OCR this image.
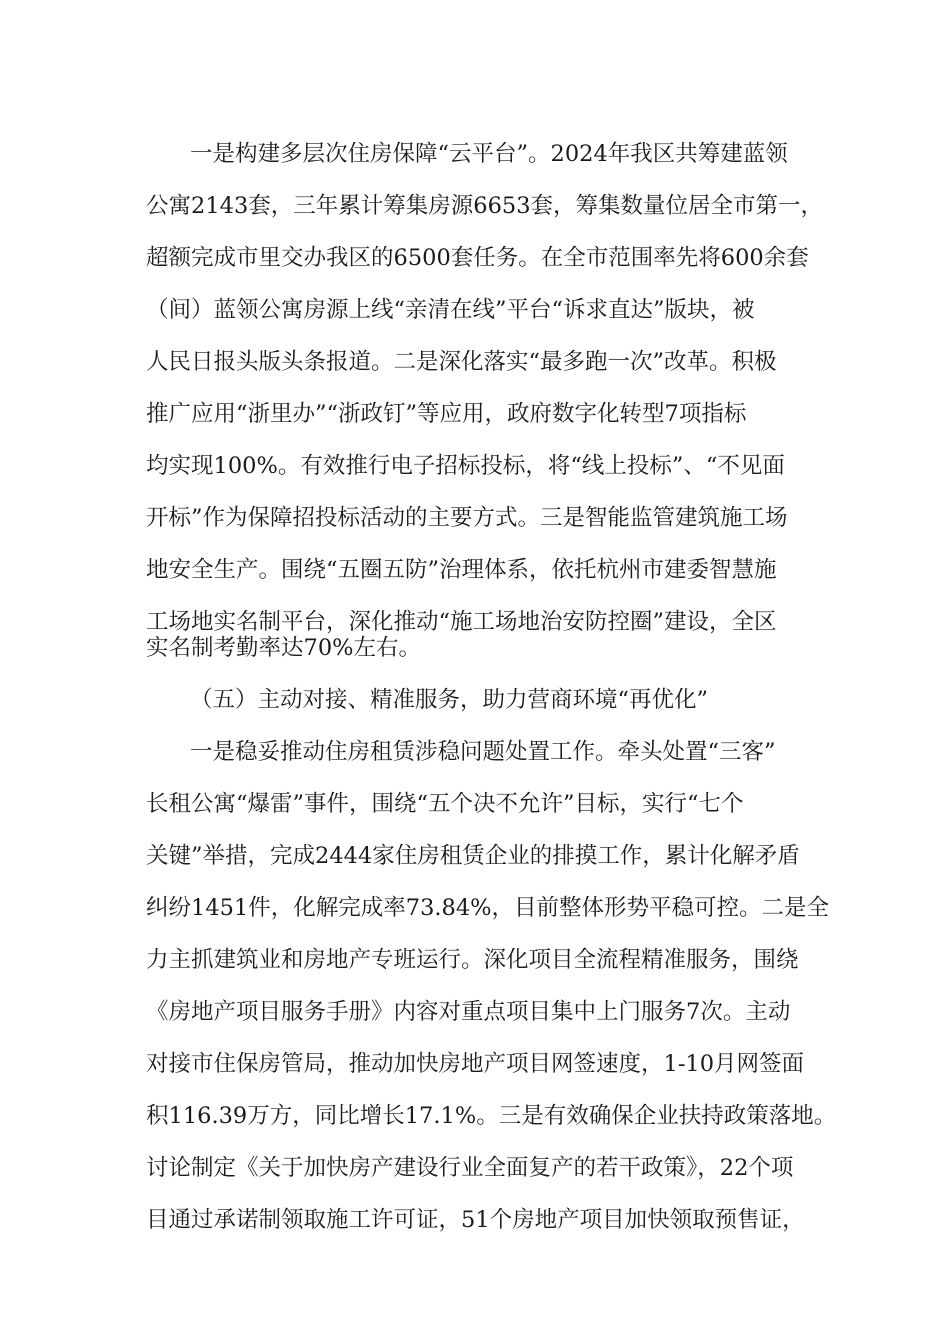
一是构建多层次住房保障“云平台”。2024年我区共筹建蓝领
公寓2143套，三年累计筹集房源6653套，筹集数量位居全市第一，
超额完成市里交办我区的6500套任务。在全市范围率先将600余套
（间）蓝领公寓房源上线“亲清在线”平台“诉求直达”版块，被
人民日报头版头条报道。二是深化落实“最多跑一次”改革。积极
推广应用“浙里办”“浙政钉”等应用，政府数字化转型7项指标
均实现100%。有效推行电子招标投标，将“线上投标”、“不见面
开标”作为保障招投标活动的主要方式。三是智能监管建筑施工场
地安全生产。围绕“五圈五防”治理体系，依托杭州市建委智慧施
工场地实名制平台，深化推动“施工场地治安防控圈”建设，全区
实名制考勤率达70%左右。
（五）主动对接、精准服务，助力营商环境“再优化”
一是稳妥推动住房租赁涉稳问题处置工作。牵头处置“三客”
长租公寓“爆雷”事件，围绕“五个决不允许”目标，实行“七个
关键”举措，完成2444家住房租赁企业的排摸工作，累计化解矛盾
纠纷1451件，化解完成率73.84%，目前整体形势平稳可控。二是全
力主抓建筑业和房地产专班运行。深化项目全流程精准服务，围绕
《房地产项目服务手册》内容对重点项目集中上门服务7次。主动
对接市住保房管局，推动加快房地产项目网签速度，1-10月网签面
积116.39万方，同比增长17.1%。三是有效确保企业扶持政策落地。
讨论制定《关于加快房产建设行业全面复产的若干政策》，22个项
目通过承诺制领取施工许可证，51个房地产项目加快领取预售证，
